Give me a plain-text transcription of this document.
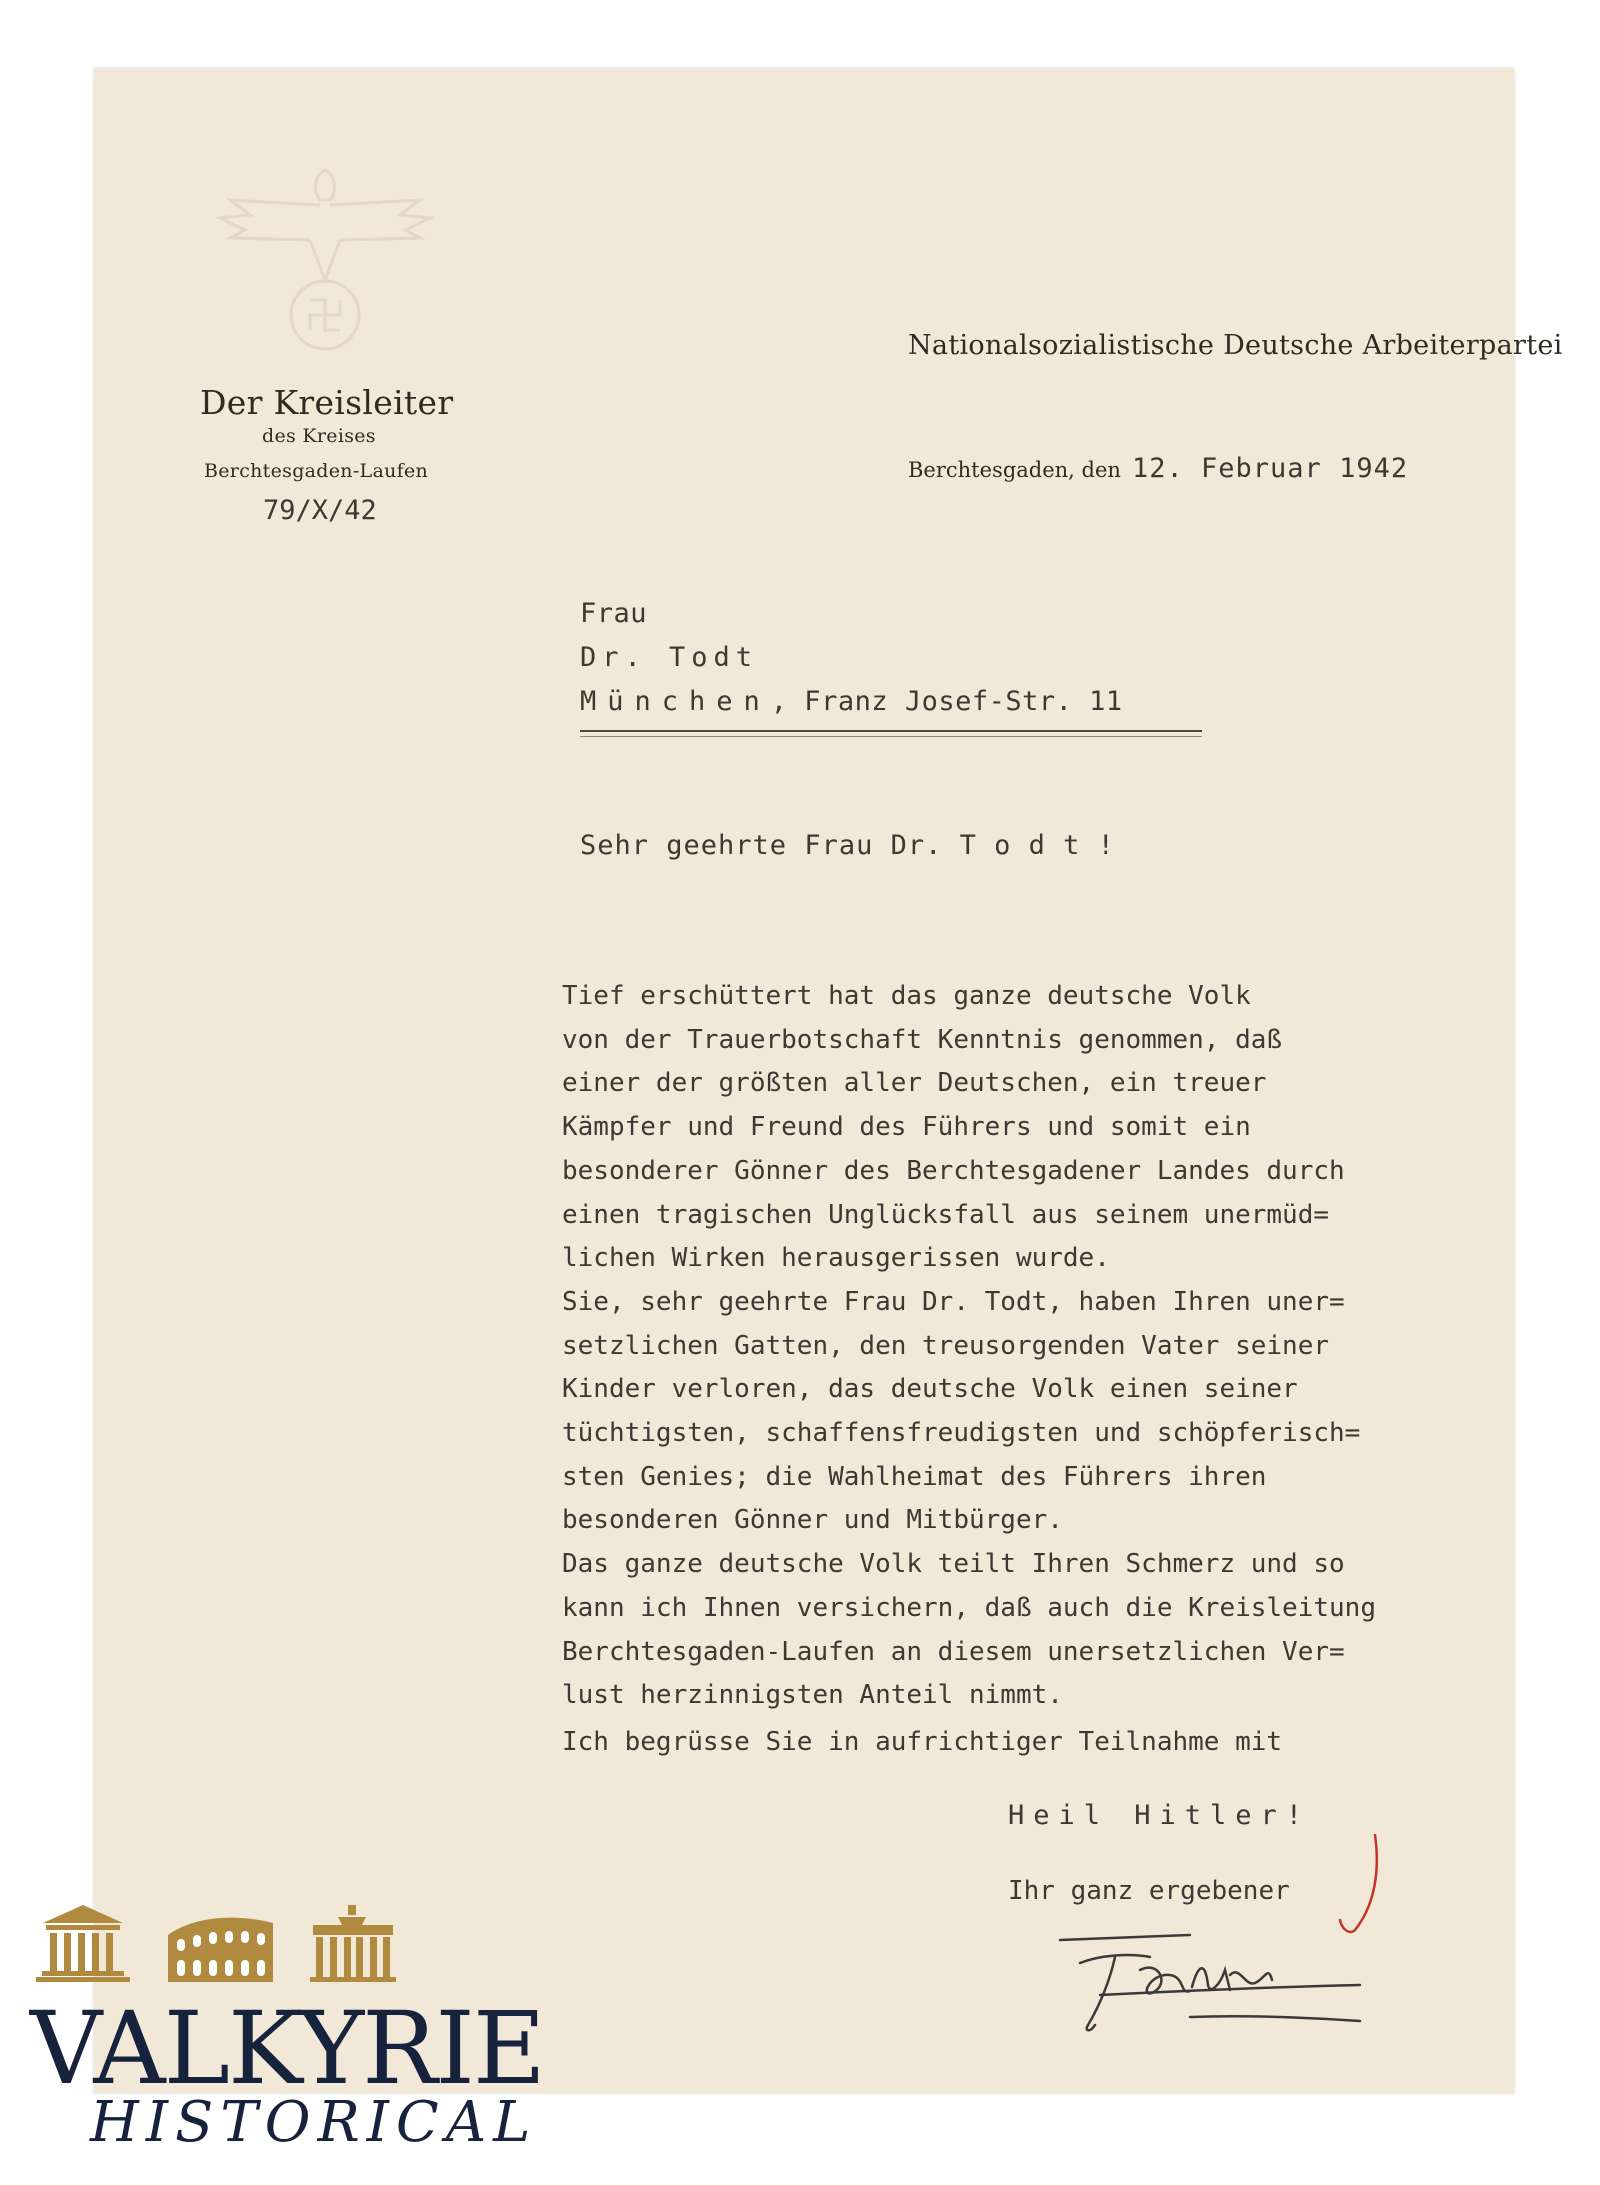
Nationalsozialistische Deutsche Arbeiterpartei
Der Kreisleiter
des Kreises
Berchtesgaden-Laufen
79/X/42
Berchtesgaden, den 12. Februar 1942
Frau
Dr. Todt
München, Franz Josef-Str. 11
Sehr geehrte Frau Dr. T o d t !
Tief erschüttert hat das ganze deutsche Volk
von der Trauerbotschaft Kenntnis genommen, daß
einer der größten aller Deutschen, ein treuer
Kämpfer und Freund des Führers und somit ein
besonderer Gönner des Berchtesgadener Landes durch
einen tragischen Unglücksfall aus seinem unermüd=
lichen Wirken herausgerissen wurde.
Sie, sehr geehrte Frau Dr. Todt, haben Ihren uner=
setzlichen Gatten, den treusorgenden Vater seiner
Kinder verloren, das deutsche Volk einen seiner
tüchtigsten, schaffensfreudigsten und schöpferisch=
sten Genies; die Wahlheimat des Führers ihren
besonderen Gönner und Mitbürger.
Das ganze deutsche Volk teilt Ihren Schmerz und so
kann ich Ihnen versichern, daß auch die Kreisleitung
Berchtesgaden-Laufen an diesem unersetzlichen Ver=
lust herzinnigsten Anteil nimmt.
Ich begrüsse Sie in aufrichtiger Teilnahme mit
Heil Hitler!
Ihr ganz ergebener
VALKYRIE
HISTORICAL
